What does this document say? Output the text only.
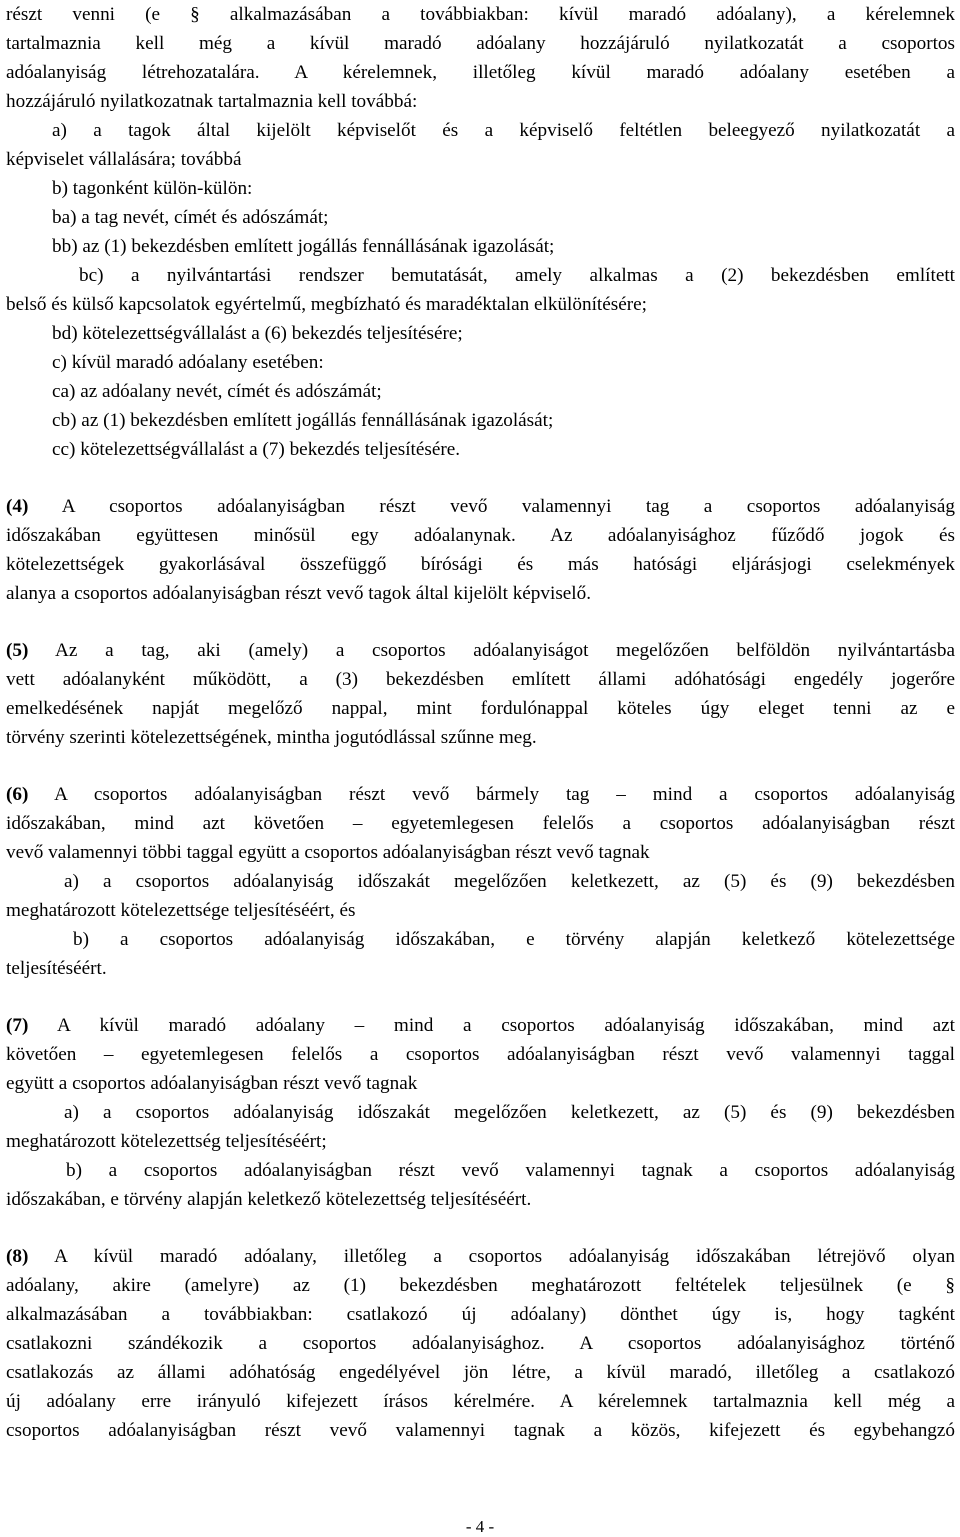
részt venni (e § alkalmazásában a továbbiakban: kívül maradó adóalany), a kérelemnek
tartalmaznia kell még a kívül maradó adóalany hozzájáruló nyilatkozatát a csoportos
adóalanyiság létrehozatalára. A kérelemnek, illetőleg kívül maradó adóalany esetében a
hozzájáruló nyilatkozatnak tartalmaznia kell továbbá:
a) a tagok által kijelölt képviselőt és a képviselő feltétlen beleegyező nyilatkozatát a
képviselet vállalására; továbbá
b) tagonként külön-külön:
ba) a tag nevét, címét és adószámát;
bb) az (1) bekezdésben említett jogállás fennállásának igazolását;
bc) a nyilvántartási rendszer bemutatását, amely alkalmas a (2) bekezdésben említett
belső és külső kapcsolatok egyértelmű, megbízható és maradéktalan elkülönítésére;
bd) kötelezettségvállalást a (6) bekezdés teljesítésére;
c) kívül maradó adóalany esetében:
ca) az adóalany nevét, címét és adószámát;
cb) az (1) bekezdésben említett jogállás fennállásának igazolását;
cc) kötelezettségvállalást a (7) bekezdés teljesítésére.
(4) A csoportos adóalanyiságban részt vevő valamennyi tag a csoportos adóalanyiság
időszakában együttesen minősül egy adóalanynak. Az adóalanyisághoz fűződő jogok és
kötelezettségek gyakorlásával összefüggő bírósági és más hatósági eljárásjogi cselekmények
alanya a csoportos adóalanyiságban részt vevő tagok által kijelölt képviselő.
(5) Az a tag, aki (amely) a csoportos adóalanyiságot megelőzően belföldön nyilvántartásba
vett adóalanyként működött, a (3) bekezdésben említett állami adóhatósági engedély jogerőre
emelkedésének napját megelőző nappal, mint fordulónappal köteles úgy eleget tenni az e
törvény szerinti kötelezettségének, mintha jogutódlással szűnne meg.
(6) A csoportos adóalanyiságban részt vevő bármely tag – mind a csoportos adóalanyiság
időszakában, mind azt követően – egyetemlegesen felelős a csoportos adóalanyiságban részt
vevő valamennyi többi taggal együtt a csoportos adóalanyiságban részt vevő tagnak
a) a csoportos adóalanyiság időszakát megelőzően keletkezett, az (5) és (9) bekezdésben
meghatározott kötelezettsége teljesítéséért, és
b) a csoportos adóalanyiság időszakában, e törvény alapján keletkező kötelezettsége
teljesítéséért.
(7) A kívül maradó adóalany – mind a csoportos adóalanyiság időszakában, mind azt
követően – egyetemlegesen felelős a csoportos adóalanyiságban részt vevő valamennyi taggal
együtt a csoportos adóalanyiságban részt vevő tagnak
a) a csoportos adóalanyiság időszakát megelőzően keletkezett, az (5) és (9) bekezdésben
meghatározott kötelezettség teljesítéséért;
b) a csoportos adóalanyiságban részt vevő valamennyi tagnak a csoportos adóalanyiság
időszakában, e törvény alapján keletkező kötelezettség teljesítéséért.
(8) A kívül maradó adóalany, illetőleg a csoportos adóalanyiság időszakában létrejövő olyan
adóalany, akire (amelyre) az (1) bekezdésben meghatározott feltételek teljesülnek (e §
alkalmazásában a továbbiakban: csatlakozó új adóalany) dönthet úgy is, hogy tagként
csatlakozni szándékozik a csoportos adóalanyisághoz. A csoportos adóalanyisághoz történő
csatlakozás az állami adóhatóság engedélyével jön létre, a kívül maradó, illetőleg a csatlakozó
új adóalany erre irányuló kifejezett írásos kérelmére. A kérelemnek tartalmaznia kell még a
csoportos adóalanyiságban részt vevő valamennyi tagnak a közös, kifejezett és egybehangzó
- 4 -
